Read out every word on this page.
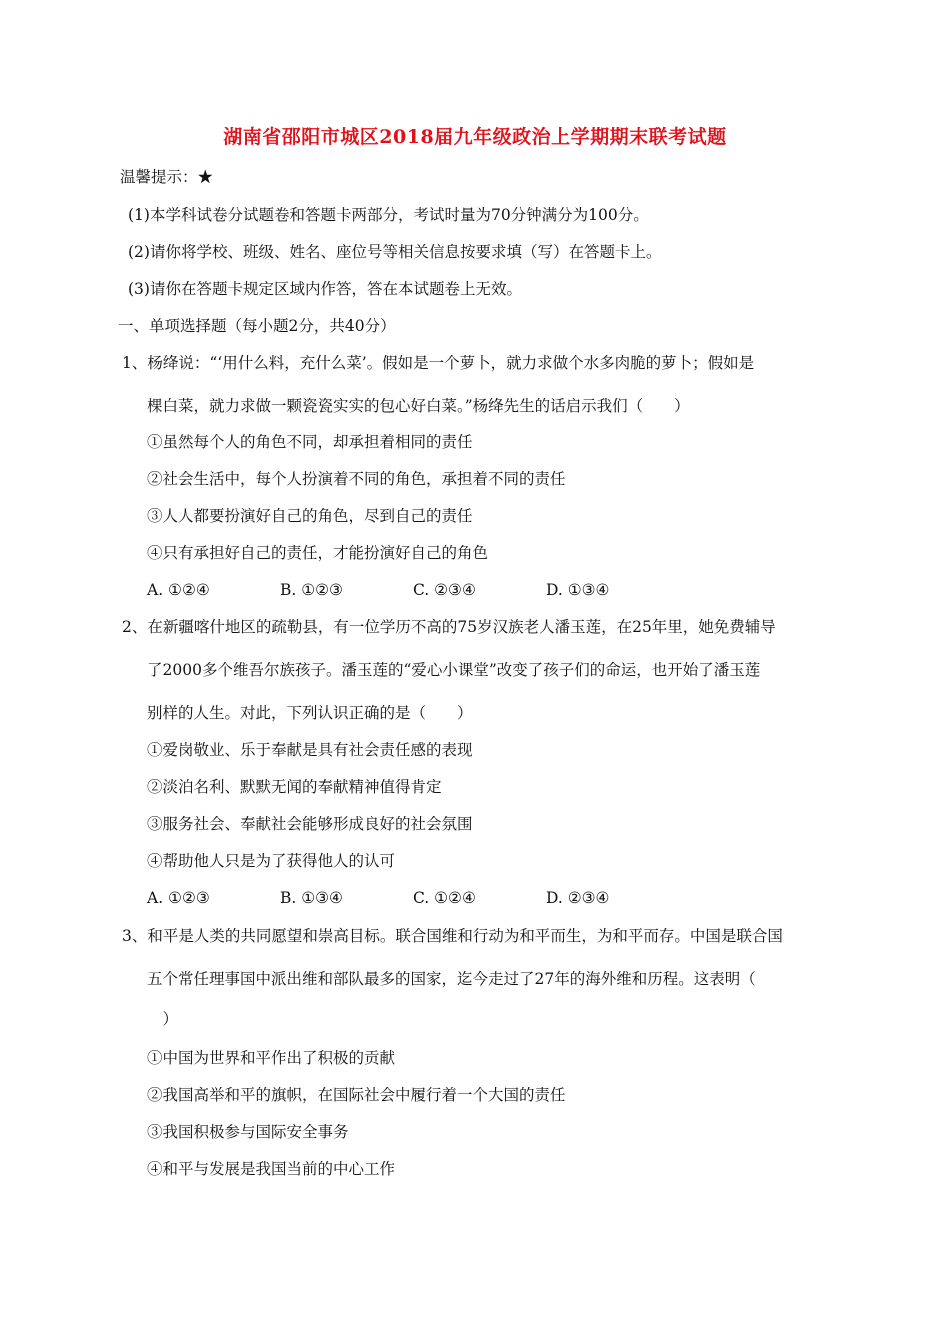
湖南省邵阳市城区2018届九年级政治上学期期末联考试题
温馨提示：★
(1)本学科试卷分试题卷和答题卡两部分，考试时量为70分钟满分为100分。
(2)请你将学校、班级、姓名、座位号等相关信息按要求填（写）在答题卡上。
(3)请你在答题卡规定区域内作答，答在本试题卷上无效。
一、单项选择题（每小题2分，共40分）
1、杨绛说：“‘用什么料，充什么菜’。假如是一个萝卜，就力求做个水多肉脆的萝卜；假如是
棵白菜，就力求做一颗瓷瓷实实的包心好白菜。”杨绛先生的话启示我们（　　）
①虽然每个人的角色不同，却承担着相同的责任
②社会生活中，每个人扮演着不同的角色，承担着不同的责任
③人人都要扮演好自己的角色，尽到自己的责任
④只有承担好自己的责任，才能扮演好自己的角色
A. ①②④	B. ①②③	C. ②③④	D. ①③④
2、在新疆喀什地区的疏勒县，有一位学历不高的75岁汉族老人潘玉莲，在25年里，她免费辅导
了2000多个维吾尔族孩子。潘玉莲的“爱心小课堂”改变了孩子们的命运，也开始了潘玉莲
别样的人生。对此，下列认识正确的是（　　）
①爱岗敬业、乐于奉献是具有社会责任感的表现
②淡泊名利、默默无闻的奉献精神值得肯定
③服务社会、奉献社会能够形成良好的社会氛围
④帮助他人只是为了获得他人的认可
A. ①②③	B. ①③④	C. ①②④	D. ②③④
3、和平是人类的共同愿望和崇高目标。联合国维和行动为和平而生，为和平而存。中国是联合国
五个常任理事国中派出维和部队最多的国家，迄今走过了27年的海外维和历程。这表明（
　）
①中国为世界和平作出了积极的贡献
②我国高举和平的旗帜，在国际社会中履行着一个大国的责任
③我国积极参与国际安全事务
④和平与发展是我国当前的中心工作
